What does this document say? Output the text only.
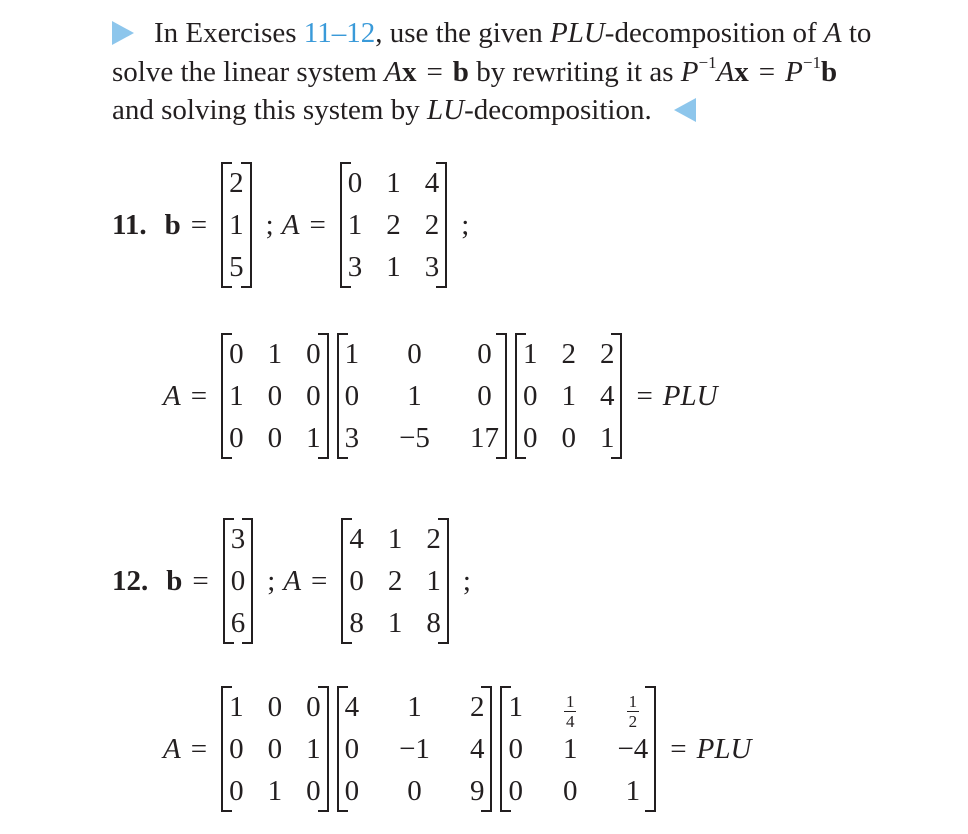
In Exercises 11–12, use the given PLU-decomposition of A to
solve the linear system Ax = b by rewriting it as $P^{-1}Ax = P^{-1}b$
and solving this system by LU-decomposition.
11. b =
2
1
5
; A =
0 1 4
1 2 2
3 1 3
;
A =
0 1 0
1 0 0
0 0 1
1 0 0
0 1 0
3 −5 17
1 2 2
0 1 4
0 0 1
= PLU
12. b =
3
0
6
; A =
4 1 2
0 2 1
8 1 8
;
A =
1 0 0
0 0 1
0 1 0
4 1 2
0 −1 4
0 0 9
$1 \frac{1}{4}$	$\frac{1}{2}$
0 1 −4
0 0 1
= PLU
